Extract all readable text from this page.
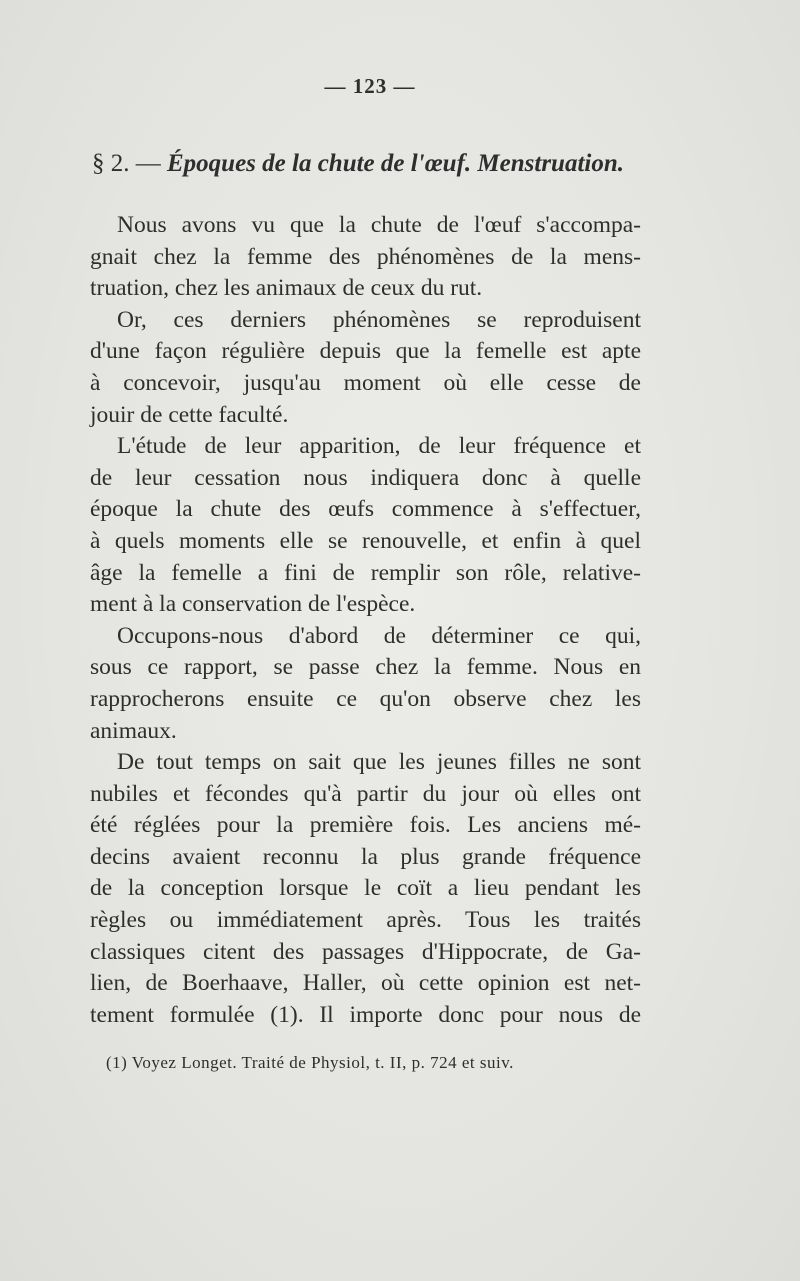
— 123 —
§ 2. — Époques de la chute de l'œuf. Menstruation.
Nous avons vu que la chute de l'œuf s'accompa-
gnait chez la femme des phénomènes de la mens-
truation, chez les animaux de ceux du rut.
Or, ces derniers phénomènes se reproduisent
d'une façon régulière depuis que la femelle est apte
à concevoir, jusqu'au moment où elle cesse de
jouir de cette faculté.
L'étude de leur apparition, de leur fréquence et
de leur cessation nous indiquera donc à quelle
époque la chute des œufs commence à s'effectuer,
à quels moments elle se renouvelle, et enfin à quel
âge la femelle a fini de remplir son rôle, relative-
ment à la conservation de l'espèce.
Occupons-nous d'abord de déterminer ce qui,
sous ce rapport, se passe chez la femme. Nous en
rapprocherons ensuite ce qu'on observe chez les
animaux.
De tout temps on sait que les jeunes filles ne sont
nubiles et fécondes qu'à partir du jour où elles ont
été réglées pour la première fois. Les anciens mé-
decins avaient reconnu la plus grande fréquence
de la conception lorsque le coït a lieu pendant les
règles ou immédiatement après. Tous les traités
classiques citent des passages d'Hippocrate, de Ga-
lien, de Boerhaave, Haller, où cette opinion est net-
tement formulée (1). Il importe donc pour nous de
(1) Voyez Longet. Traité de Physiol, t. II, p. 724 et suiv.
